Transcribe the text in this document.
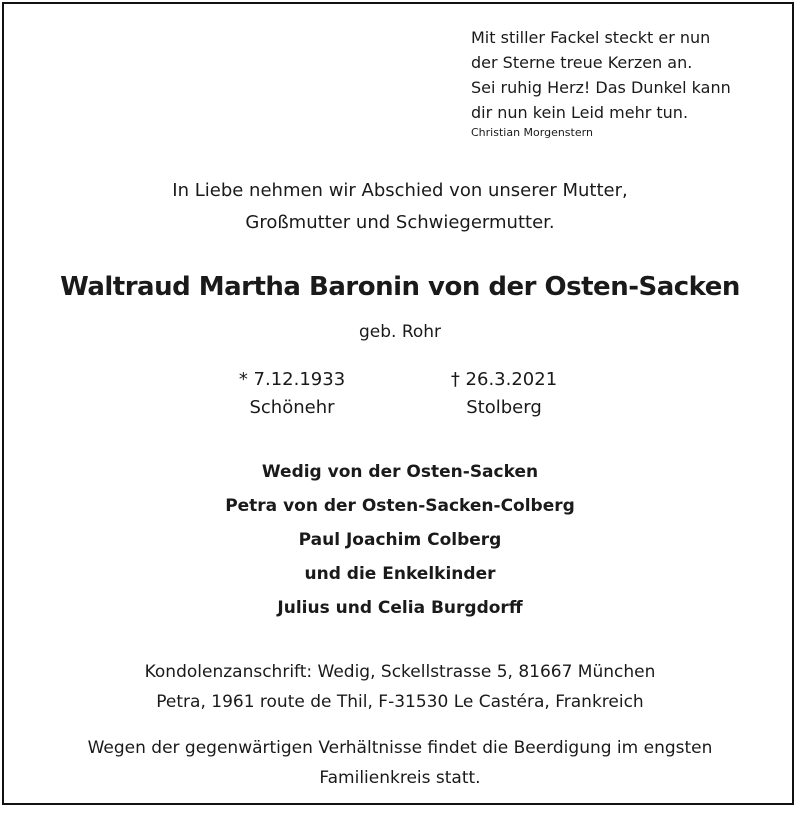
Mit stiller Fackel steckt er nun
der Sterne treue Kerzen an.
Sei ruhig Herz! Das Dunkel kann
dir nun kein Leid mehr tun.
Christian Morgenstern
In Liebe nehmen wir Abschied von unserer Mutter,
Großmutter und Schwiegermutter.
Waltraud Martha Baronin von der Osten-Sacken
geb. Rohr
* 7.12.1933
Schönehr
† 26.3.2021
Stolberg
Wedig von der Osten-Sacken
Petra von der Osten-Sacken-Colberg
Paul Joachim Colberg
und die Enkelkinder
Julius und Celia Burgdorff
Kondolenzanschrift: Wedig, Sckellstrasse 5, 81667 München
Petra, 1961 route de Thil, F-31530 Le Castéra, Frankreich
Wegen der gegenwärtigen Verhältnisse findet die Beerdigung im engsten
Familienkreis statt.
